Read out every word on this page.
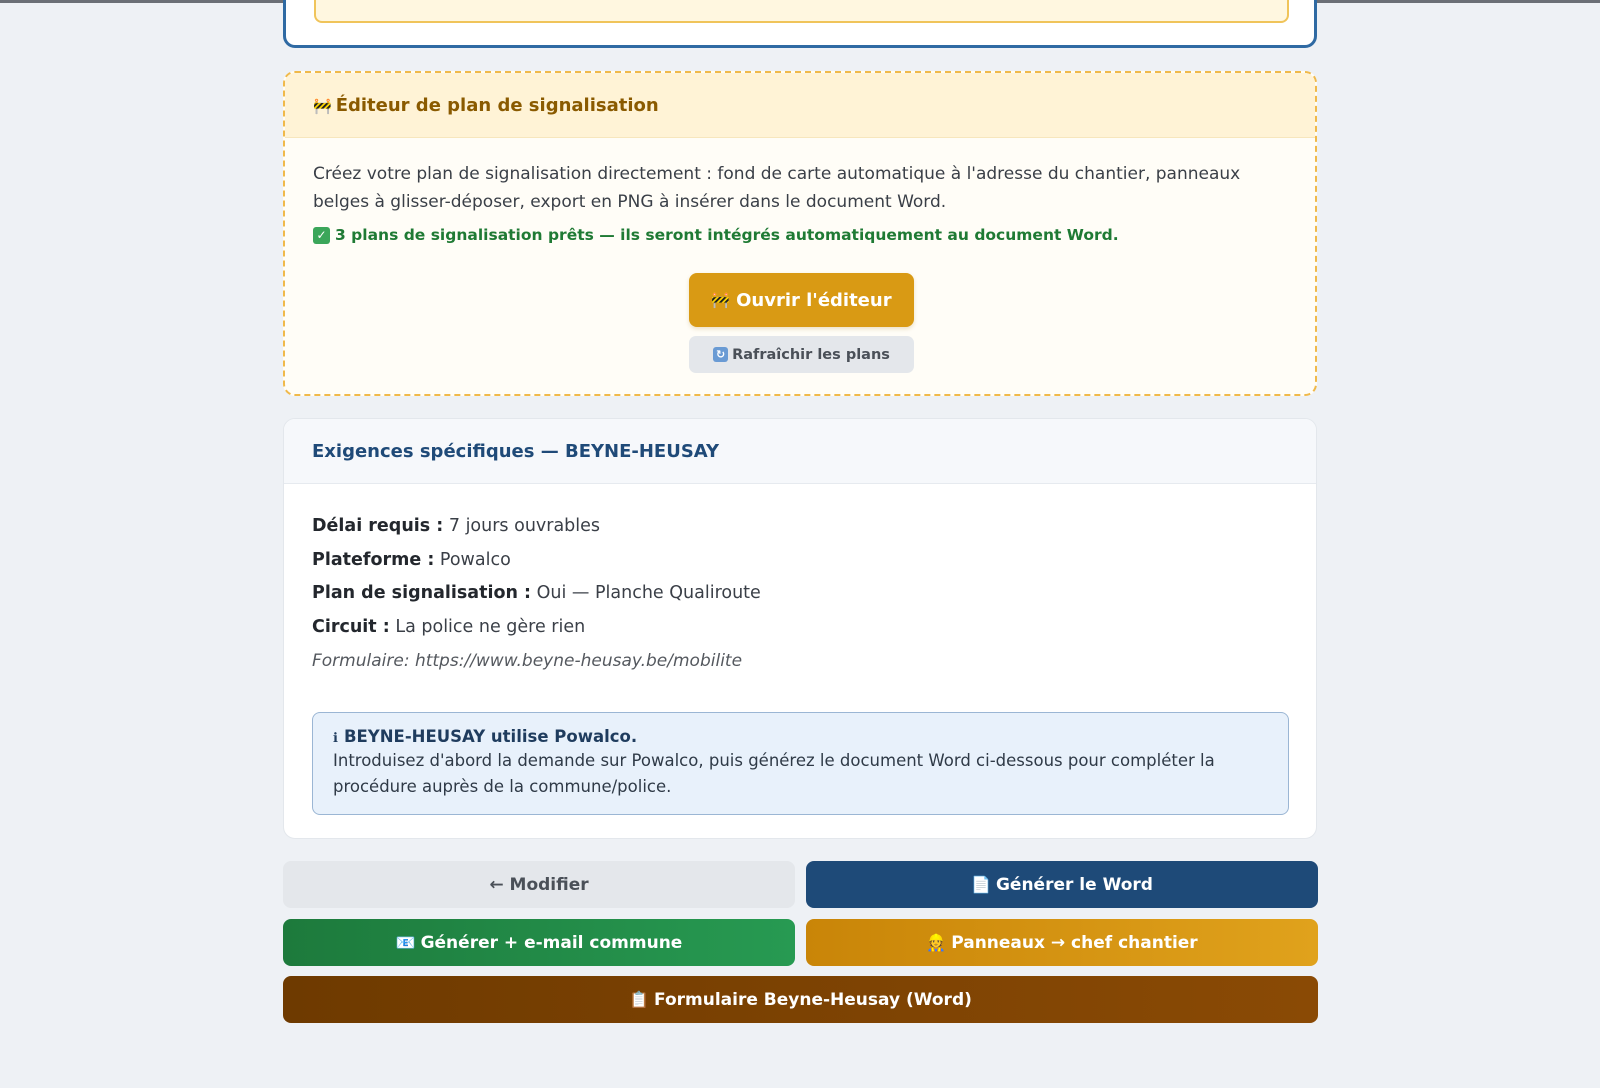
🚧 Éditeur de plan de signalisation

Créez votre plan de signalisation directement : fond de carte automatique à l'adresse du chantier, panneaux belges à glisser-déposer, export en PNG à insérer dans le document Word.

✓ 3 plans de signalisation prêts — ils seront intégrés automatiquement au document Word.
🚧 Ouvrir l'éditeur
↻ Rafraîchir les plans
Exigences spécifiques — BEYNE-HEUSAY
Délai requis : 7 jours ouvrables
Plateforme : Powalco
Plan de signalisation : Oui — Planche Qualiroute
Circuit : La police ne gère rien
Formulaire: https://www.beyne-heusay.be/mobilite
ℹ BEYNE-HEUSAY utilise Powalco.
Introduisez d'abord la demande sur Powalco, puis générez le document Word ci-dessous pour compléter la procédure auprès de la commune/police.
← Modifier	📄 Générer le Word
📧 Générer + e-mail commune	👷 Panneaux → chef chantier
📋 Formulaire Beyne-Heusay (Word)
